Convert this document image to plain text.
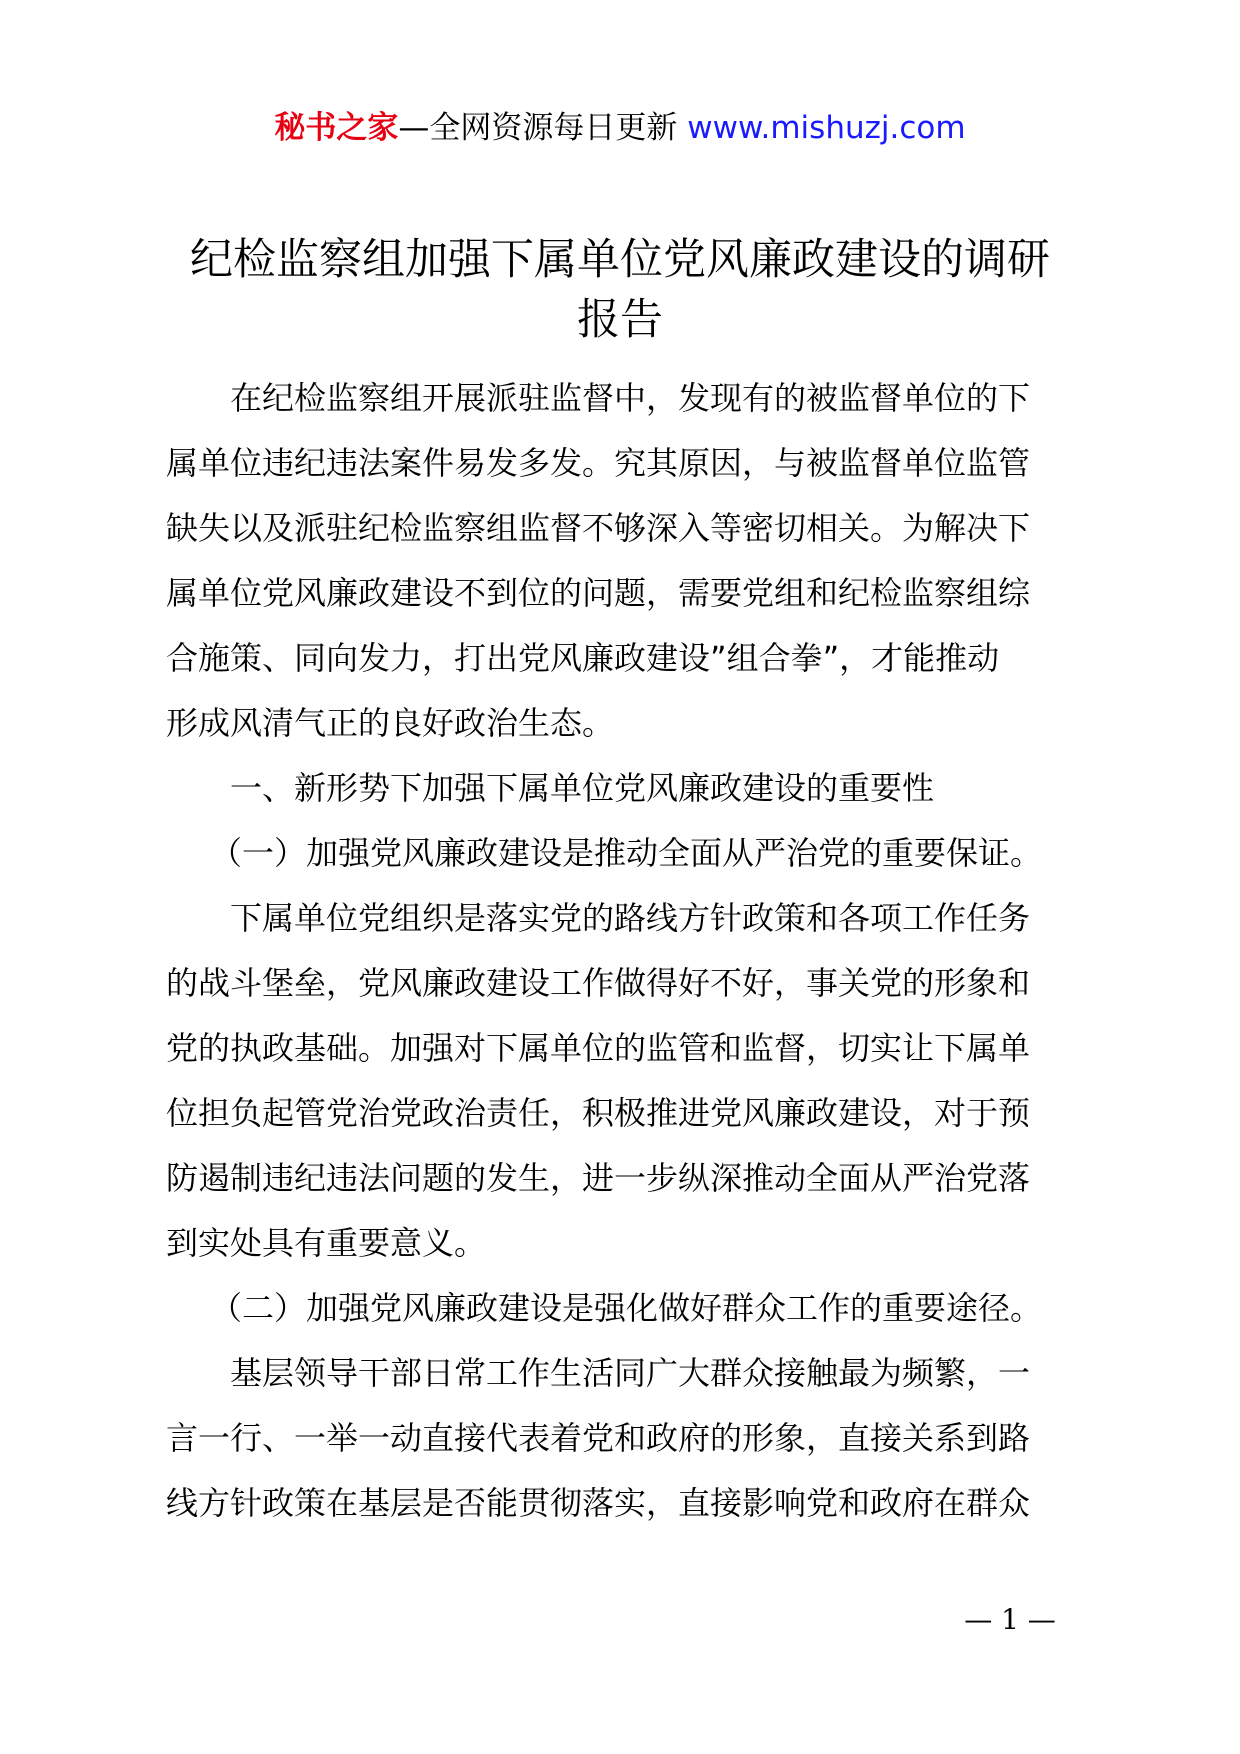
秘书之家—全网资源每日更新 www.mishuzj.com
纪检监察组加强下属单位党风廉政建设的调研
报告
在纪检监察组开展派驻监督中，发现有的被监督单位的下
属单位违纪违法案件易发多发。究其原因，与被监督单位监管
缺失以及派驻纪检监察组监督不够深入等密切相关。为解决下
属单位党风廉政建设不到位的问题，需要党组和纪检监察组综
合施策、同向发力，打出党风廉政建设”组合拳”，才能推动
形成风清气正的良好政治生态。
一、新形势下加强下属单位党风廉政建设的重要性
（一）加强党风廉政建设是推动全面从严治党的重要保证。
下属单位党组织是落实党的路线方针政策和各项工作任务
的战斗堡垒，党风廉政建设工作做得好不好，事关党的形象和
党的执政基础。加强对下属单位的监管和监督，切实让下属单
位担负起管党治党政治责任，积极推进党风廉政建设，对于预
防遏制违纪违法问题的发生，进一步纵深推动全面从严治党落
到实处具有重要意义。
（二）加强党风廉政建设是强化做好群众工作的重要途径。
基层领导干部日常工作生活同广大群众接触最为频繁，一
言一行、一举一动直接代表着党和政府的形象，直接关系到路
线方针政策在基层是否能贯彻落实，直接影响党和政府在群众
— 1 —
